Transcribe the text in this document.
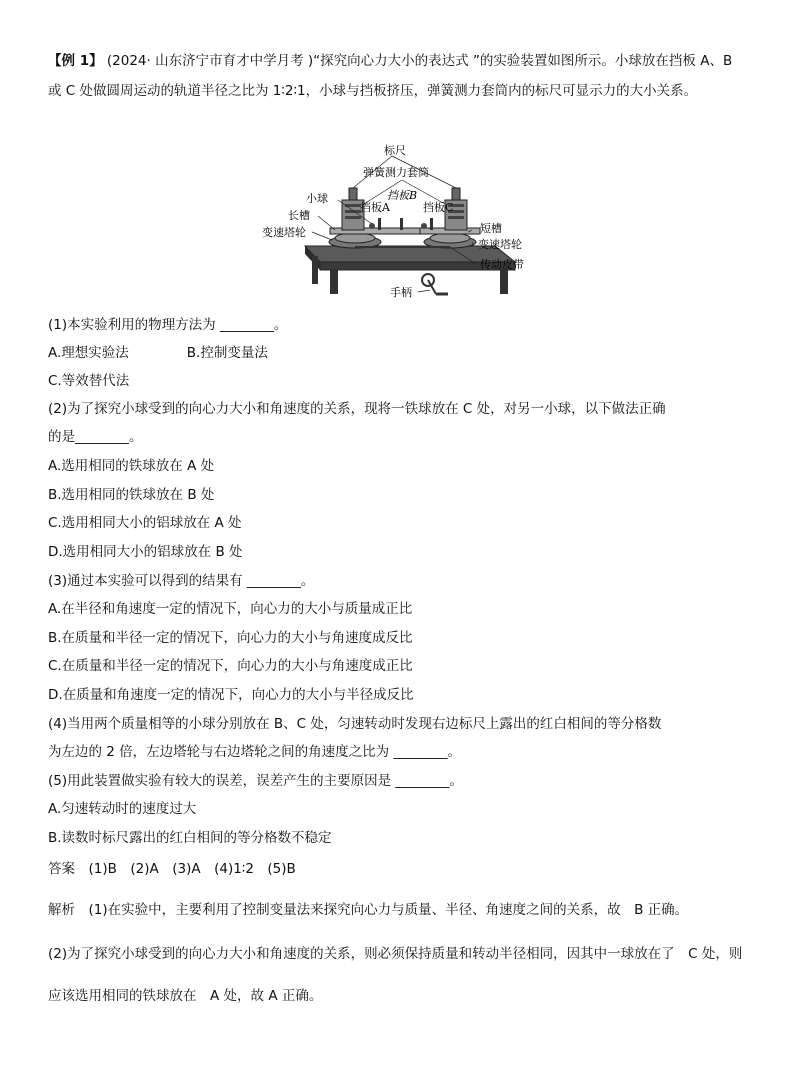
【例 1】 (2024· 山东济宁市育才中学月考 )“探究向心力大小的表达式 ”的实验装置如图所示。小球放在挡板 A、B 或 C 处做圆周运动的轨道半径之比为 1∶2∶1，小球与挡板挤压，弹簧测力套筒内的标尺可显示力的大小关系。
标尺
弹簧测力套筒
小球	挡板B
长槽
挡板A	挡板C
短槽
变速塔轮
变速塔轮
传动皮带
手柄
(1)本实验利用的物理方法为 ________。
A.理想实验法	B.控制变量法
C.等效替代法
(2)为了探究小球受到的向心力大小和角速度的关系，现将一铁球放在 C 处，对另一小球，以下做法正确
的是________。
A.选用相同的铁球放在 A 处
B.选用相同的铁球放在 B 处
C.选用相同大小的铝球放在 A 处
D.选用相同大小的铝球放在 B 处
(3)通过本实验可以得到的结果有 ________。
A.在半径和角速度一定的情况下，向心力的大小与质量成正比
B.在质量和半径一定的情况下，向心力的大小与角速度成反比
C.在质量和半径一定的情况下，向心力的大小与角速度成正比
D.在质量和角速度一定的情况下，向心力的大小与半径成反比
(4)当用两个质量相等的小球分别放在 B、C 处，匀速转动时发现右边标尺上露出的红白相间的等分格数
为左边的 2 倍，左边塔轮与右边塔轮之间的角速度之比为 ________。
(5)用此装置做实验有较大的误差，误差产生的主要原因是 ________。
A.匀速转动时的速度过大
B.读数时标尺露出的红白相间的等分格数不稳定
答案　(1)B　(2)A　(3)A　(4)1∶2　(5)B
解析　(1)在实验中，主要利用了控制变量法来探究向心力与质量、半径、角速度之间的关系，故　B 正确。
(2)为了探究小球受到的向心力大小和角速度的关系，则必须保持质量和转动半径相同，因其中一球放在了　C 处，则应该选用相同的铁球放在　A 处，故 A 正确。
